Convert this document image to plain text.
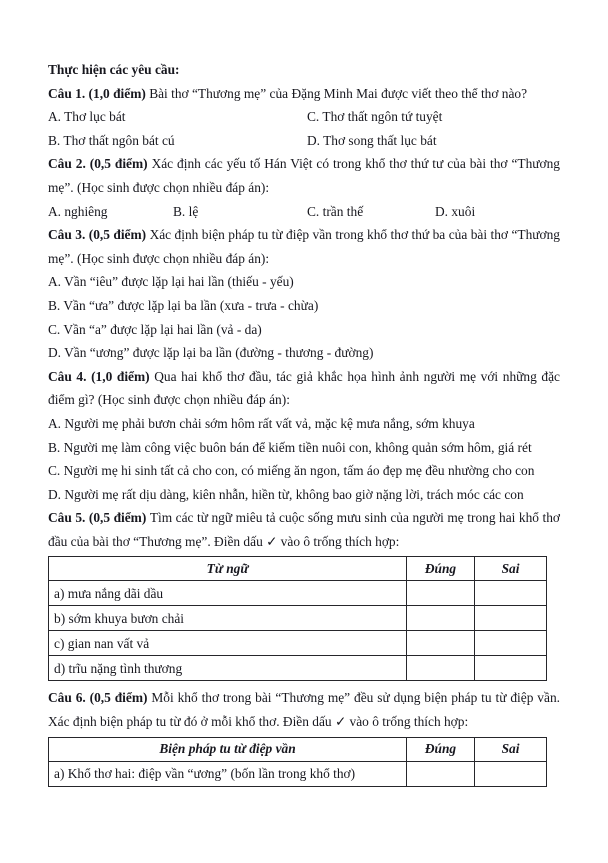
Thực hiện các yêu cầu:

Câu 1. (1,0 điểm) Bài thơ “Thương mẹ” của Đặng Minh Mai được viết theo thể thơ nào?

A. Thơ lục bát	C. Thơ thất ngôn tứ tuyệt
B. Thơ thất ngôn bát cú	D. Thơ song thất lục bát

Câu 2. (0,5 điểm) Xác định các yếu tố Hán Việt có trong khổ thơ thứ tư của bài thơ “Thương mẹ”. (Học sinh được chọn nhiều đáp án):

A. nghiêng	B. lệ	C. trần thế	D. xuôi

Câu 3. (0,5 điểm) Xác định biện pháp tu từ điệp vần trong khổ thơ thứ ba của bài thơ “Thương mẹ”. (Học sinh được chọn nhiều đáp án):

A. Vần “iêu” được lặp lại hai lần (thiếu - yếu)

B. Vần “ưa” được lặp lại ba lần (xưa - trưa - chừa)

C. Vần “a” được lặp lại hai lần (vả - da)

D. Vần “ương” được lặp lại ba lần (đường - thương - đường)

Câu 4. (1,0 điểm) Qua hai khổ thơ đầu, tác giả khắc họa hình ảnh người mẹ với những đặc điểm gì? (Học sinh được chọn nhiều đáp án):

A. Người mẹ phải bươn chải sớm hôm rất vất vả, mặc kệ mưa nắng, sớm khuya

B. Người mẹ làm công việc buôn bán để kiếm tiền nuôi con, không quản sớm hôm, giá rét

C. Người mẹ hi sinh tất cả cho con, có miếng ăn ngon, tấm áo đẹp mẹ đều nhường cho con

D. Người mẹ rất dịu dàng, kiên nhẫn, hiền từ, không bao giờ nặng lời, trách móc các con

Câu 5. (0,5 điểm) Tìm các từ ngữ miêu tả cuộc sống mưu sinh của người mẹ trong hai khổ thơ đầu của bài thơ “Thương mẹ”. Điền dấu ✓ vào ô trống thích hợp:

Từ ngữ	Đúng	Sai
a) mưa nắng dãi dầu		
b) sớm khuya bươn chải		
c) gian nan vất vả		
d) trĩu nặng tình thương		

Câu 6. (0,5 điểm) Mỗi khổ thơ trong bài “Thương mẹ” đều sử dụng biện pháp tu từ điệp vần. Xác định biện pháp tu từ đó ở mỗi khổ thơ. Điền dấu ✓ vào ô trống thích hợp:

Biện pháp tu từ điệp vần	Đúng	Sai
a) Khổ thơ hai: điệp vần “ương” (bốn lần trong khổ thơ)		
